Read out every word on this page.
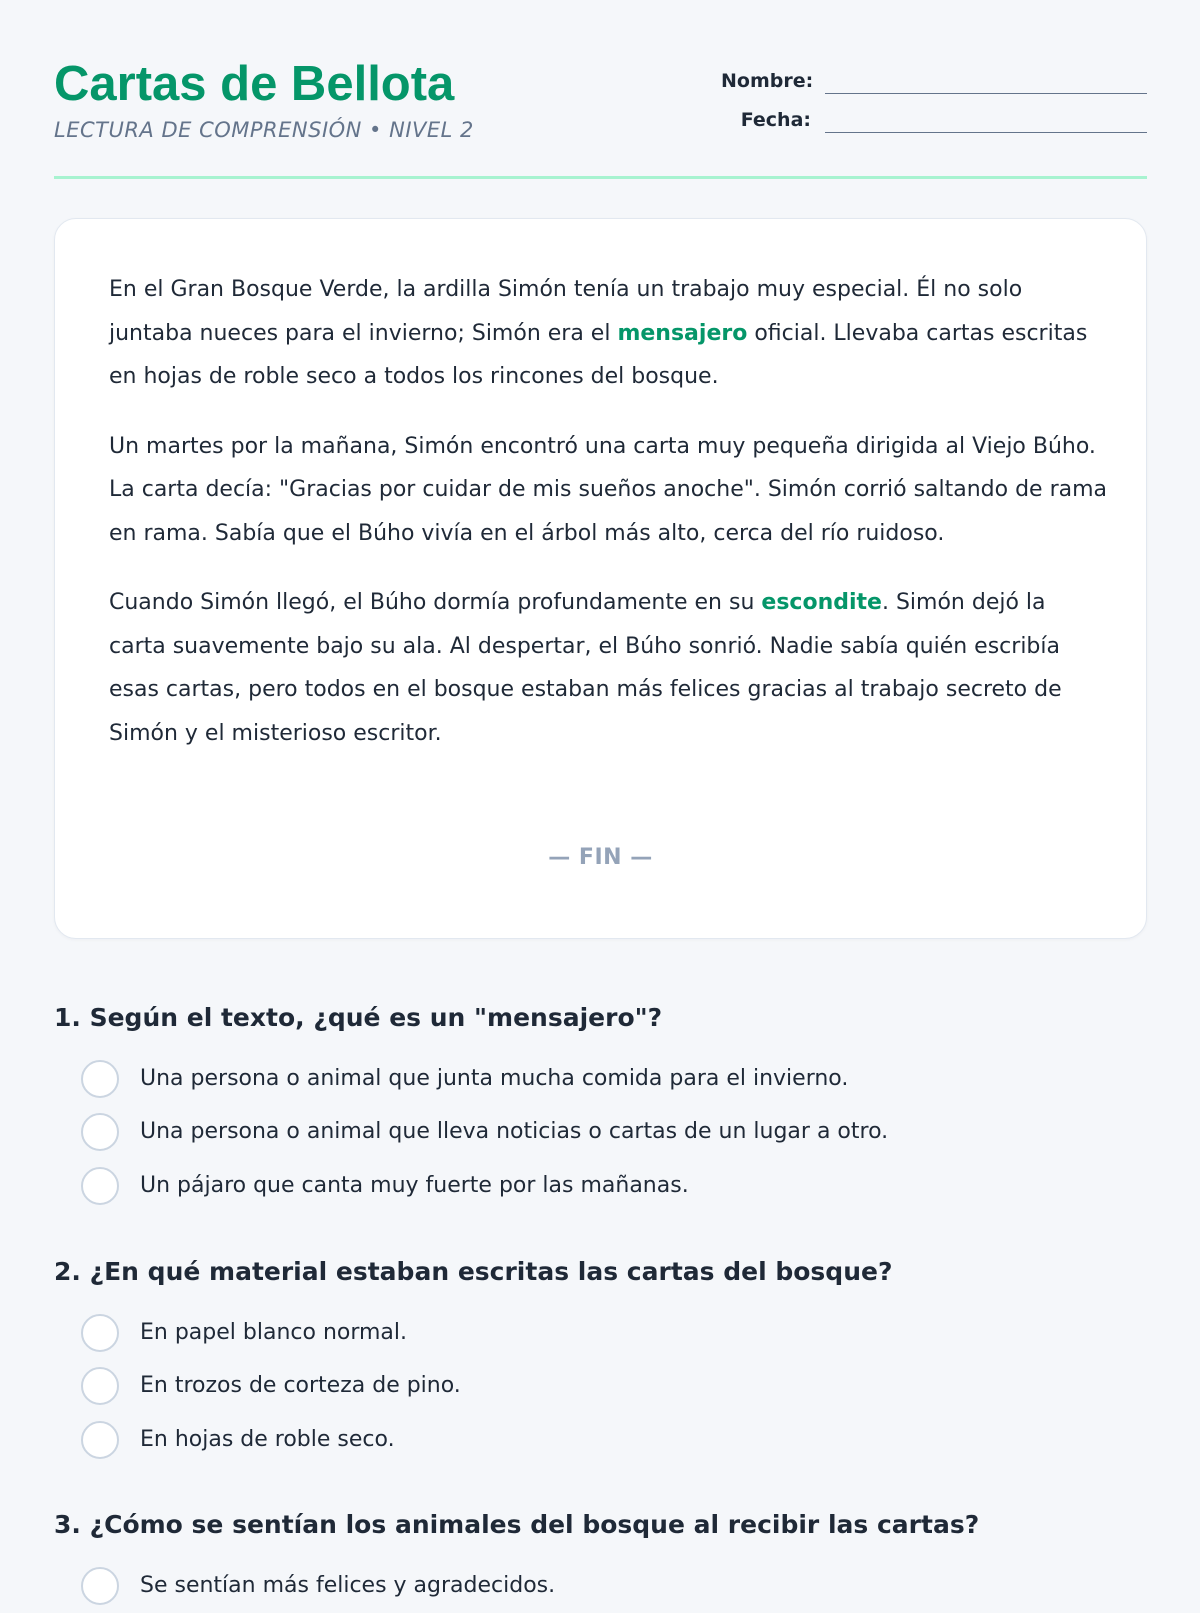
Cartas de Bellota
LECTURA DE COMPRENSIÓN • NIVEL 2
Nombre:
Fecha:

En el Gran Bosque Verde, la ardilla Simón tenía un trabajo muy especial. Él no solo juntaba nueces para el invierno; Simón era el mensajero oficial. Llevaba cartas escritas en hojas de roble seco a todos los rincones del bosque.

Un martes por la mañana, Simón encontró una carta muy pequeña dirigida al Viejo Búho. La carta decía: "Gracias por cuidar de mis sueños anoche". Simón corrió saltando de rama en rama. Sabía que el Búho vivía en el árbol más alto, cerca del río ruidoso.

Cuando Simón llegó, el Búho dormía profundamente en su escondite. Simón dejó la carta suavemente bajo su ala. Al despertar, el Búho sonrió. Nadie sabía quién escribía esas cartas, pero todos en el bosque estaban más felices gracias al trabajo secreto de Simón y el misterioso escritor.

— FIN —
1. Según el texto, ¿qué es un "mensajero"?
Una persona o animal que junta mucha comida para el invierno.
Una persona o animal que lleva noticias o cartas de un lugar a otro.
Un pájaro que canta muy fuerte por las mañanas.
2. ¿En qué material estaban escritas las cartas del bosque?
En papel blanco normal.
En trozos de corteza de pino.
En hojas de roble seco.
3. ¿Cómo se sentían los animales del bosque al recibir las cartas?
Se sentían más felices y agradecidos.
